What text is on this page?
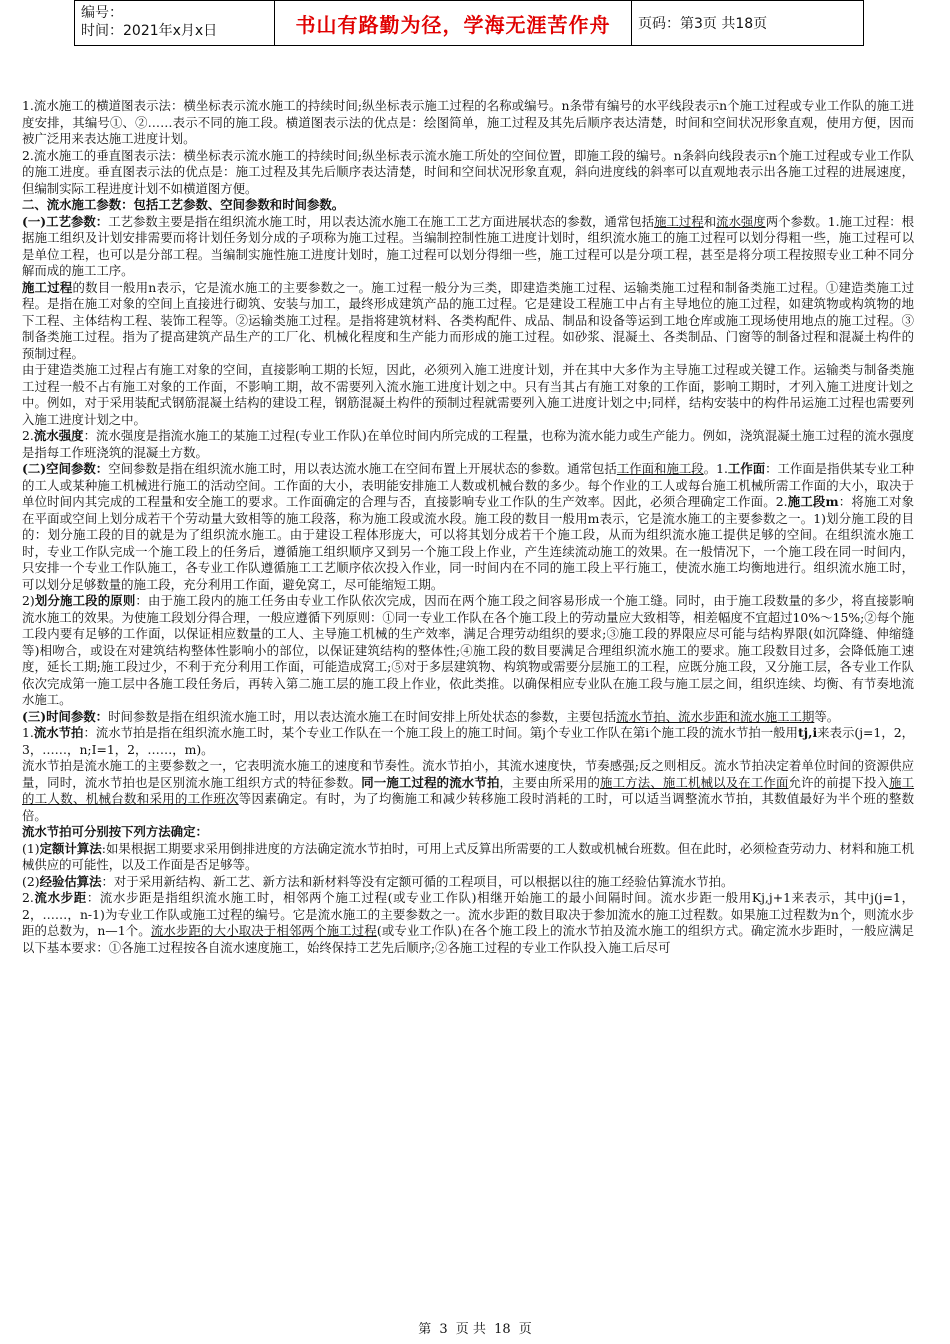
编号：
时间：2021年x月x日	书山有路勤为径，学海无涯苦作舟	页码：第3页 共18页

1.流水施工的横道图表示法：横坐标表示流水施工的持续时间;纵坐标表示施工过程的名称或编号。n条带有编号的水平线段表示n个施工过程或专业工作队的施工进度安排，其编号①、②……表示不同的施工段。横道图表示法的优点是：绘图简单，施工过程及其先后顺序表达清楚，时间和空间状况形象直观，使用方便，因而被广泛用来表达施工进度计划。

2.流水施工的垂直图表示法：横坐标表示流水施工的持续时间;纵坐标表示流水施工所处的空间位置，即施工段的编号。n条斜向线段表示n个施工过程或专业工作队的施工进度。垂直图表示法的优点是：施工过程及其先后顺序表达清楚，时间和空间状况形象直观，斜向进度线的斜率可以直观地表示出各施工过程的进展速度，但编制实际工程进度计划不如横道图方便。

二、流水施工参数：包括工艺参数、空间参数和时间参数。

(一)工艺参数：工艺参数主要是指在组织流水施工时，用以表达流水施工在施工工艺方面进展状态的参数，通常包括施工过程和流水强度两个参数。1.施工过程：根据施工组织及计划安排需要而将计划任务划分成的子项称为施工过程。当编制控制性施工进度计划时，组织流水施工的施工过程可以划分得粗一些，施工过程可以是单位工程，也可以是分部工程。当编制实施性施工进度计划时，施工过程可以划分得细一些，施工过程可以是分项工程，甚至是将分项工程按照专业工种不同分解而成的施工工序。

施工过程的数目一般用n表示，它是流水施工的主要参数之一。施工过程一般分为三类，即建造类施工过程、运输类施工过程和制备类施工过程。①建造类施工过程。是指在施工对象的空间上直接进行砌筑、安装与加工，最终形成建筑产品的施工过程。它是建设工程施工中占有主导地位的施工过程，如建筑物或构筑物的地下工程、主体结构工程、装饰工程等。②运输类施工过程。是指将建筑材料、各类构配件、成品、制品和设备等运到工地仓库或施工现场使用地点的施工过程。③制备类施工过程。指为了提高建筑产品生产的工厂化、机械化程度和生产能力而形成的施工过程。如砂浆、混凝土、各类制品、门窗等的制备过程和混凝土构件的预制过程。

由于建造类施工过程占有施工对象的空间，直接影响工期的长短，因此，必须列入施工进度计划，并在其中大多作为主导施工过程或关键工作。运输类与制备类施工过程一般不占有施工对象的工作面，不影响工期，故不需要列入流水施工进度计划之中。只有当其占有施工对象的工作面，影响工期时，才列入施工进度计划之中。例如，对于采用装配式钢筋混凝土结构的建设工程，钢筋混凝土构件的预制过程就需要列入施工进度计划之中;同样，结构安装中的构件吊运施工过程也需要列入施工进度计划之中。

2.流水强度：流水强度是指流水施工的某施工过程(专业工作队)在单位时间内所完成的工程量，也称为流水能力或生产能力。例如，浇筑混凝土施工过程的流水强度是指每工作班浇筑的混凝土方数。

(二)空间参数：空间参数是指在组织流水施工时，用以表达流水施工在空间布置上开展状态的参数。通常包括工作面和施工段。1.工作面：工作面是指供某专业工种的工人或某种施工机械进行施工的活动空间。工作面的大小，表明能安排施工人数或机械台数的多少。每个作业的工人或每台施工机械所需工作面的大小，取决于单位时间内其完成的工程量和安全施工的要求。工作面确定的合理与否，直接影响专业工作队的生产效率。因此，必须合理确定工作面。2.施工段m：将施工对象在平面或空间上划分成若干个劳动量大致相等的施工段落，称为施工段或流水段。施工段的数目一般用m表示，它是流水施工的主要参数之一。1)划分施工段的目的：划分施工段的目的就是为了组织流水施工。由于建设工程体形庞大，可以将其划分成若干个施工段，从而为组织流水施工提供足够的空间。在组织流水施工时，专业工作队完成一个施工段上的任务后，遵循施工组织顺序又到另一个施工段上作业，产生连续流动施工的效果。在一般情况下，一个施工段在同一时间内，只安排一个专业工作队施工，各专业工作队遵循施工工艺顺序依次投入作业，同一时间内在不同的施工段上平行施工，使流水施工均衡地进行。组织流水施工时，可以划分足够数量的施工段，充分利用工作面，避免窝工，尽可能缩短工期。

2)划分施工段的原则：由于施工段内的施工任务由专业工作队依次完成，因而在两个施工段之间容易形成一个施工缝。同时，由于施工段数量的多少，将直接影响流水施工的效果。为使施工段划分得合理，一般应遵循下列原则：①同一专业工作队在各个施工段上的劳动量应大致相等，相差幅度不宜超过10%～15%;②每个施工段内要有足够的工作面，以保证相应数量的工人、主导施工机械的生产效率，满足合理劳动组织的要求;③施工段的界限应尽可能与结构界限(如沉降缝、伸缩缝等)相吻合，或设在对建筑结构整体性影响小的部位，以保证建筑结构的整体性;④施工段的数目要满足合理组织流水施工的要求。施工段数目过多，会降低施工速度，延长工期;施工段过少，不利于充分利用工作面，可能造成窝工;⑤对于多层建筑物、构筑物或需要分层施工的工程，应既分施工段，又分施工层，各专业工作队依次完成第一施工层中各施工段任务后，再转入第二施工层的施工段上作业，依此类推。以确保相应专业队在施工段与施工层之间，组织连续、均衡、有节奏地流水施工。

(三)时间参数：时间参数是指在组织流水施工时，用以表达流水施工在时间安排上所处状态的参数，主要包括流水节拍、流水步距和流水施工工期等。

1.流水节拍：流水节拍是指在组织流水施工时，某个专业工作队在一个施工段上的施工时间。第j个专业工作队在第i个施工段的流水节拍一般用tj,i来表示(j=1，2，3，……，n;I=1，2，……，m)。

流水节拍是流水施工的主要参数之一，它表明流水施工的速度和节奏性。流水节拍小，其流水速度快，节奏感强;反之则相反。流水节拍决定着单位时间的资源供应量，同时，流水节拍也是区别流水施工组织方式的特征参数。同一施工过程的流水节拍，主要由所采用的施工方法、施工机械以及在工作面允许的前提下投入施工的工人数、机械台数和采用的工作班次等因素确定。有时，为了均衡施工和减少转移施工段时消耗的工时，可以适当调整流水节拍，其数值最好为半个班的整数倍。

流水节拍可分别按下列方法确定：

(1)定额计算法:如果根据工期要求采用倒排进度的方法确定流水节拍时，可用上式反算出所需要的工人数或机械台班数。但在此时，必须检查劳动力、材料和施工机械供应的可能性，以及工作面是否足够等。

(2)经验估算法：对于采用新结构、新工艺、新方法和新材料等没有定额可循的工程项目，可以根据以往的施工经验估算流水节拍。

2.流水步距：流水步距是指组织流水施工时，相邻两个施工过程(或专业工作队)相继开始施工的最小间隔时间。流水步距一般用Kj,j+1来表示，其中j(j=1，2，……，n-1)为专业工作队或施工过程的编号。它是流水施工的主要参数之一。流水步距的数目取决于参加流水的施工过程数。如果施工过程数为n个，则流水步距的总数为，n—1个。流水步距的大小取决于相邻两个施工过程(或专业工作队)在各个施工段上的流水节拍及流水施工的组织方式。确定流水步距时，一般应满足以下基本要求：①各施工过程按各自流水速度施工，始终保持工艺先后顺序;②各施工过程的专业工作队投入施工后尽可

第 3 页 共 18 页
